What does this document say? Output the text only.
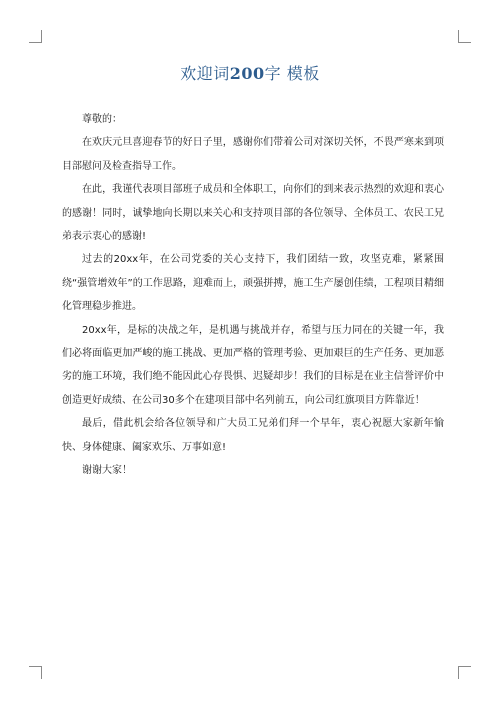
欢迎词200字 模板

尊敬的：

在欢庆元旦喜迎春节的好日子里，感谢你们带着公司对深切关怀，不畏严寒来到项目部慰问及检查指导工作。

在此，我谨代表项目部班子成员和全体职工，向你们的到来表示热烈的欢迎和衷心的感谢！同时，诚挚地向长期以来关心和支持项目部的各位领导、全体员工、农民工兄弟表示衷心的感谢!

过去的20xx年，在公司党委的关心支持下，我们团结一致，攻坚克难，紧紧围绕“强管增效年”的工作思路，迎难而上，顽强拼搏，施工生产屡创佳绩，工程项目精细化管理稳步推进。

20xx年，是标的决战之年，是机遇与挑战并存，希望与压力同在的关键一年，我们必将面临更加严峻的施工挑战、更加严格的管理考验、更加艰巨的生产任务、更加恶劣的施工环境，我们绝不能因此心存畏惧、迟疑却步！我们的目标是在业主信誉评价中创造更好成绩、在公司30多个在建项目部中名列前五，向公司红旗项目方阵靠近！

最后，借此机会给各位领导和广大员工兄弟们拜一个早年，衷心祝愿大家新年愉快、身体健康、阖家欢乐、万事如意!

谢谢大家！
